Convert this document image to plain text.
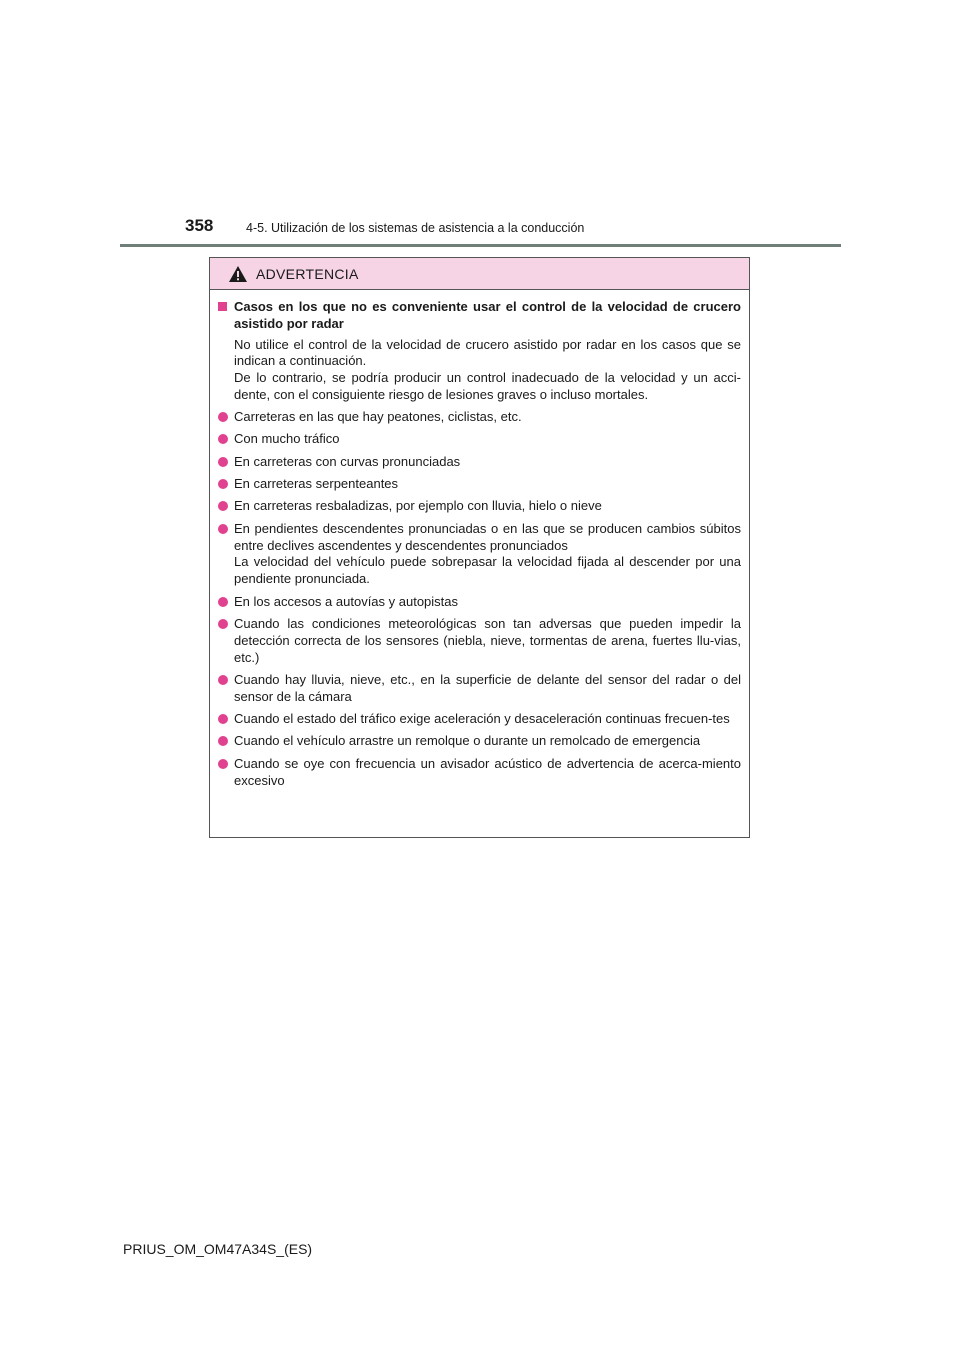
358	4-5. Utilización de los sistemas de asistencia a la conducción
ADVERTENCIA
Casos en los que no es conveniente usar el control de la velocidad de crucero asistido por radar
No utilice el control de la velocidad de crucero asistido por radar en los casos que se indican a continuación.
De lo contrario, se podría producir un control inadecuado de la velocidad y un acci-dente, con el consiguiente riesgo de lesiones graves o incluso mortales.
Carreteras en las que hay peatones, ciclistas, etc.
Con mucho tráfico
En carreteras con curvas pronunciadas
En carreteras serpenteantes
En carreteras resbaladizas, por ejemplo con lluvia, hielo o nieve
En pendientes descendentes pronunciadas o en las que se producen cambios súbitos entre declives ascendentes y descendentes pronunciados
La velocidad del vehículo puede sobrepasar la velocidad fijada al descender por una pendiente pronunciada.
En los accesos a autovías y autopistas
Cuando las condiciones meteorológicas son tan adversas que pueden impedir la detección correcta de los sensores (niebla, nieve, tormentas de arena, fuertes llu-vias, etc.)
Cuando hay lluvia, nieve, etc., en la superficie de delante del sensor del radar o del sensor de la cámara
Cuando el estado del tráfico exige aceleración y desaceleración continuas frecuen-tes
Cuando el vehículo arrastre un remolque o durante un remolcado de emergencia
Cuando se oye con frecuencia un avisador acústico de advertencia de acerca-miento excesivo
PRIUS_OM_OM47A34S_(ES)
